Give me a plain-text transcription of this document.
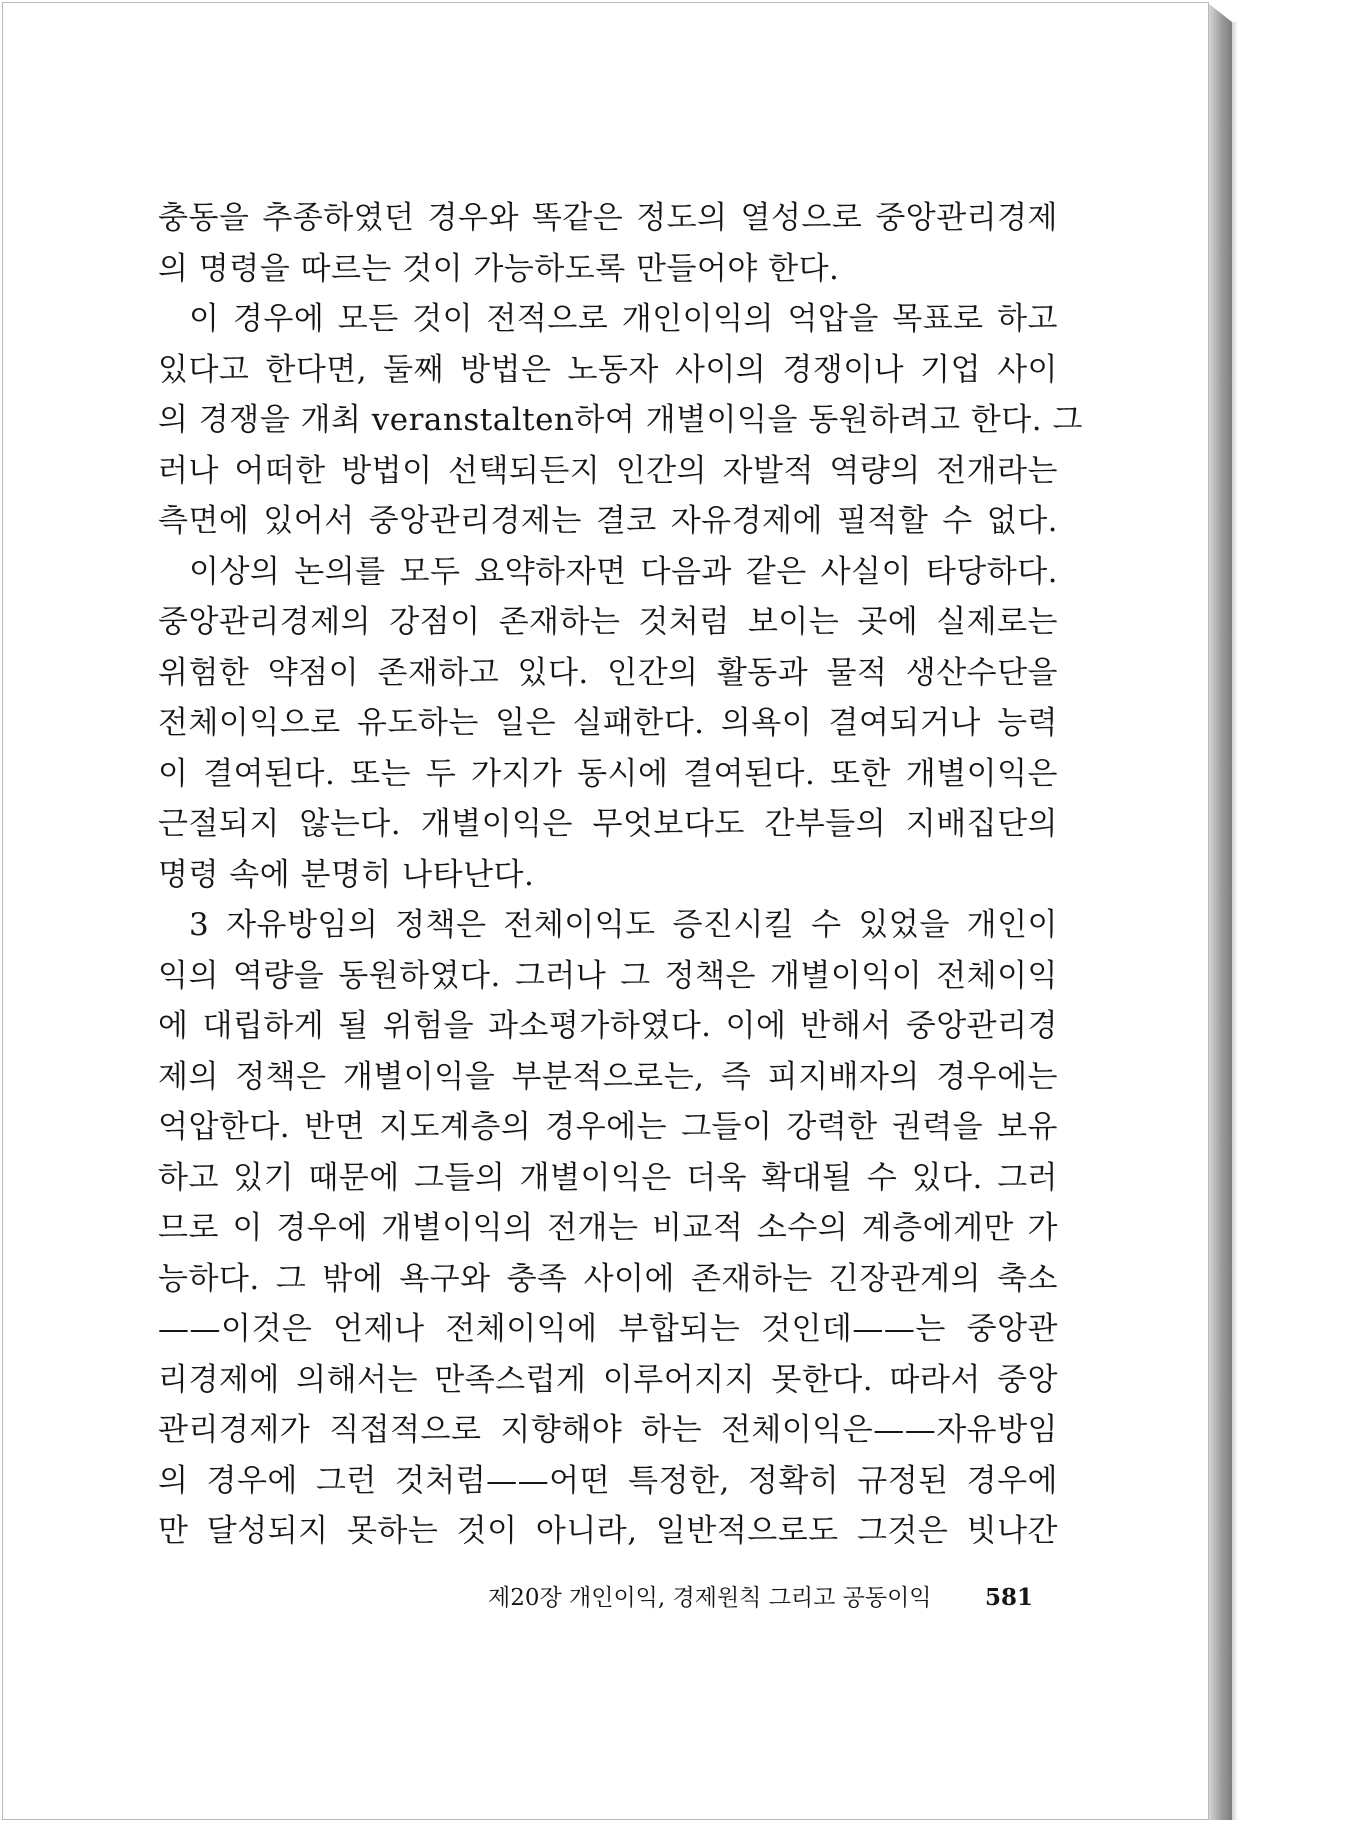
충동을 추종하였던 경우와 똑같은 정도의 열성으로 중앙관리경제
의 명령을 따르는 것이 가능하도록 만들어야 한다.
이 경우에 모든 것이 전적으로 개인이익의 억압을 목표로 하고
있다고 한다면, 둘째 방법은 노동자 사이의 경쟁이나 기업 사이
의 경쟁을 개최 veranstalten하여 개별이익을 동원하려고 한다. 그
러나 어떠한 방법이 선택되든지 인간의 자발적 역량의 전개라는
측면에 있어서 중앙관리경제는 결코 자유경제에 필적할 수 없다.
이상의 논의를 모두 요약하자면 다음과 같은 사실이 타당하다.
중앙관리경제의 강점이 존재하는 것처럼 보이는 곳에 실제로는
위험한 약점이 존재하고 있다. 인간의 활동과 물적 생산수단을
전체이익으로 유도하는 일은 실패한다. 의욕이 결여되거나 능력
이 결여된다. 또는 두 가지가 동시에 결여된다. 또한 개별이익은
근절되지 않는다. 개별이익은 무엇보다도 간부들의 지배집단의
명령 속에 분명히 나타난다.
3 자유방임의 정책은 전체이익도 증진시킬 수 있었을 개인이
익의 역량을 동원하였다. 그러나 그 정책은 개별이익이 전체이익
에 대립하게 될 위험을 과소평가하였다. 이에 반해서 중앙관리경
제의 정책은 개별이익을 부분적으로는, 즉 피지배자의 경우에는
억압한다. 반면 지도계층의 경우에는 그들이 강력한 권력을 보유
하고 있기 때문에 그들의 개별이익은 더욱 확대될 수 있다. 그러
므로 이 경우에 개별이익의 전개는 비교적 소수의 계층에게만 가
능하다. 그 밖에 욕구와 충족 사이에 존재하는 긴장관계의 축소
——이것은 언제나 전체이익에 부합되는 것인데——는 중앙관
리경제에 의해서는 만족스럽게 이루어지지 못한다. 따라서 중앙
관리경제가 직접적으로 지향해야 하는 전체이익은——자유방임
의 경우에 그런 것처럼——어떤 특정한, 정확히 규정된 경우에
만 달성되지 못하는 것이 아니라, 일반적으로도 그것은 빗나간
제20장 개인이익, 경제원칙 그리고 공동이익 581
